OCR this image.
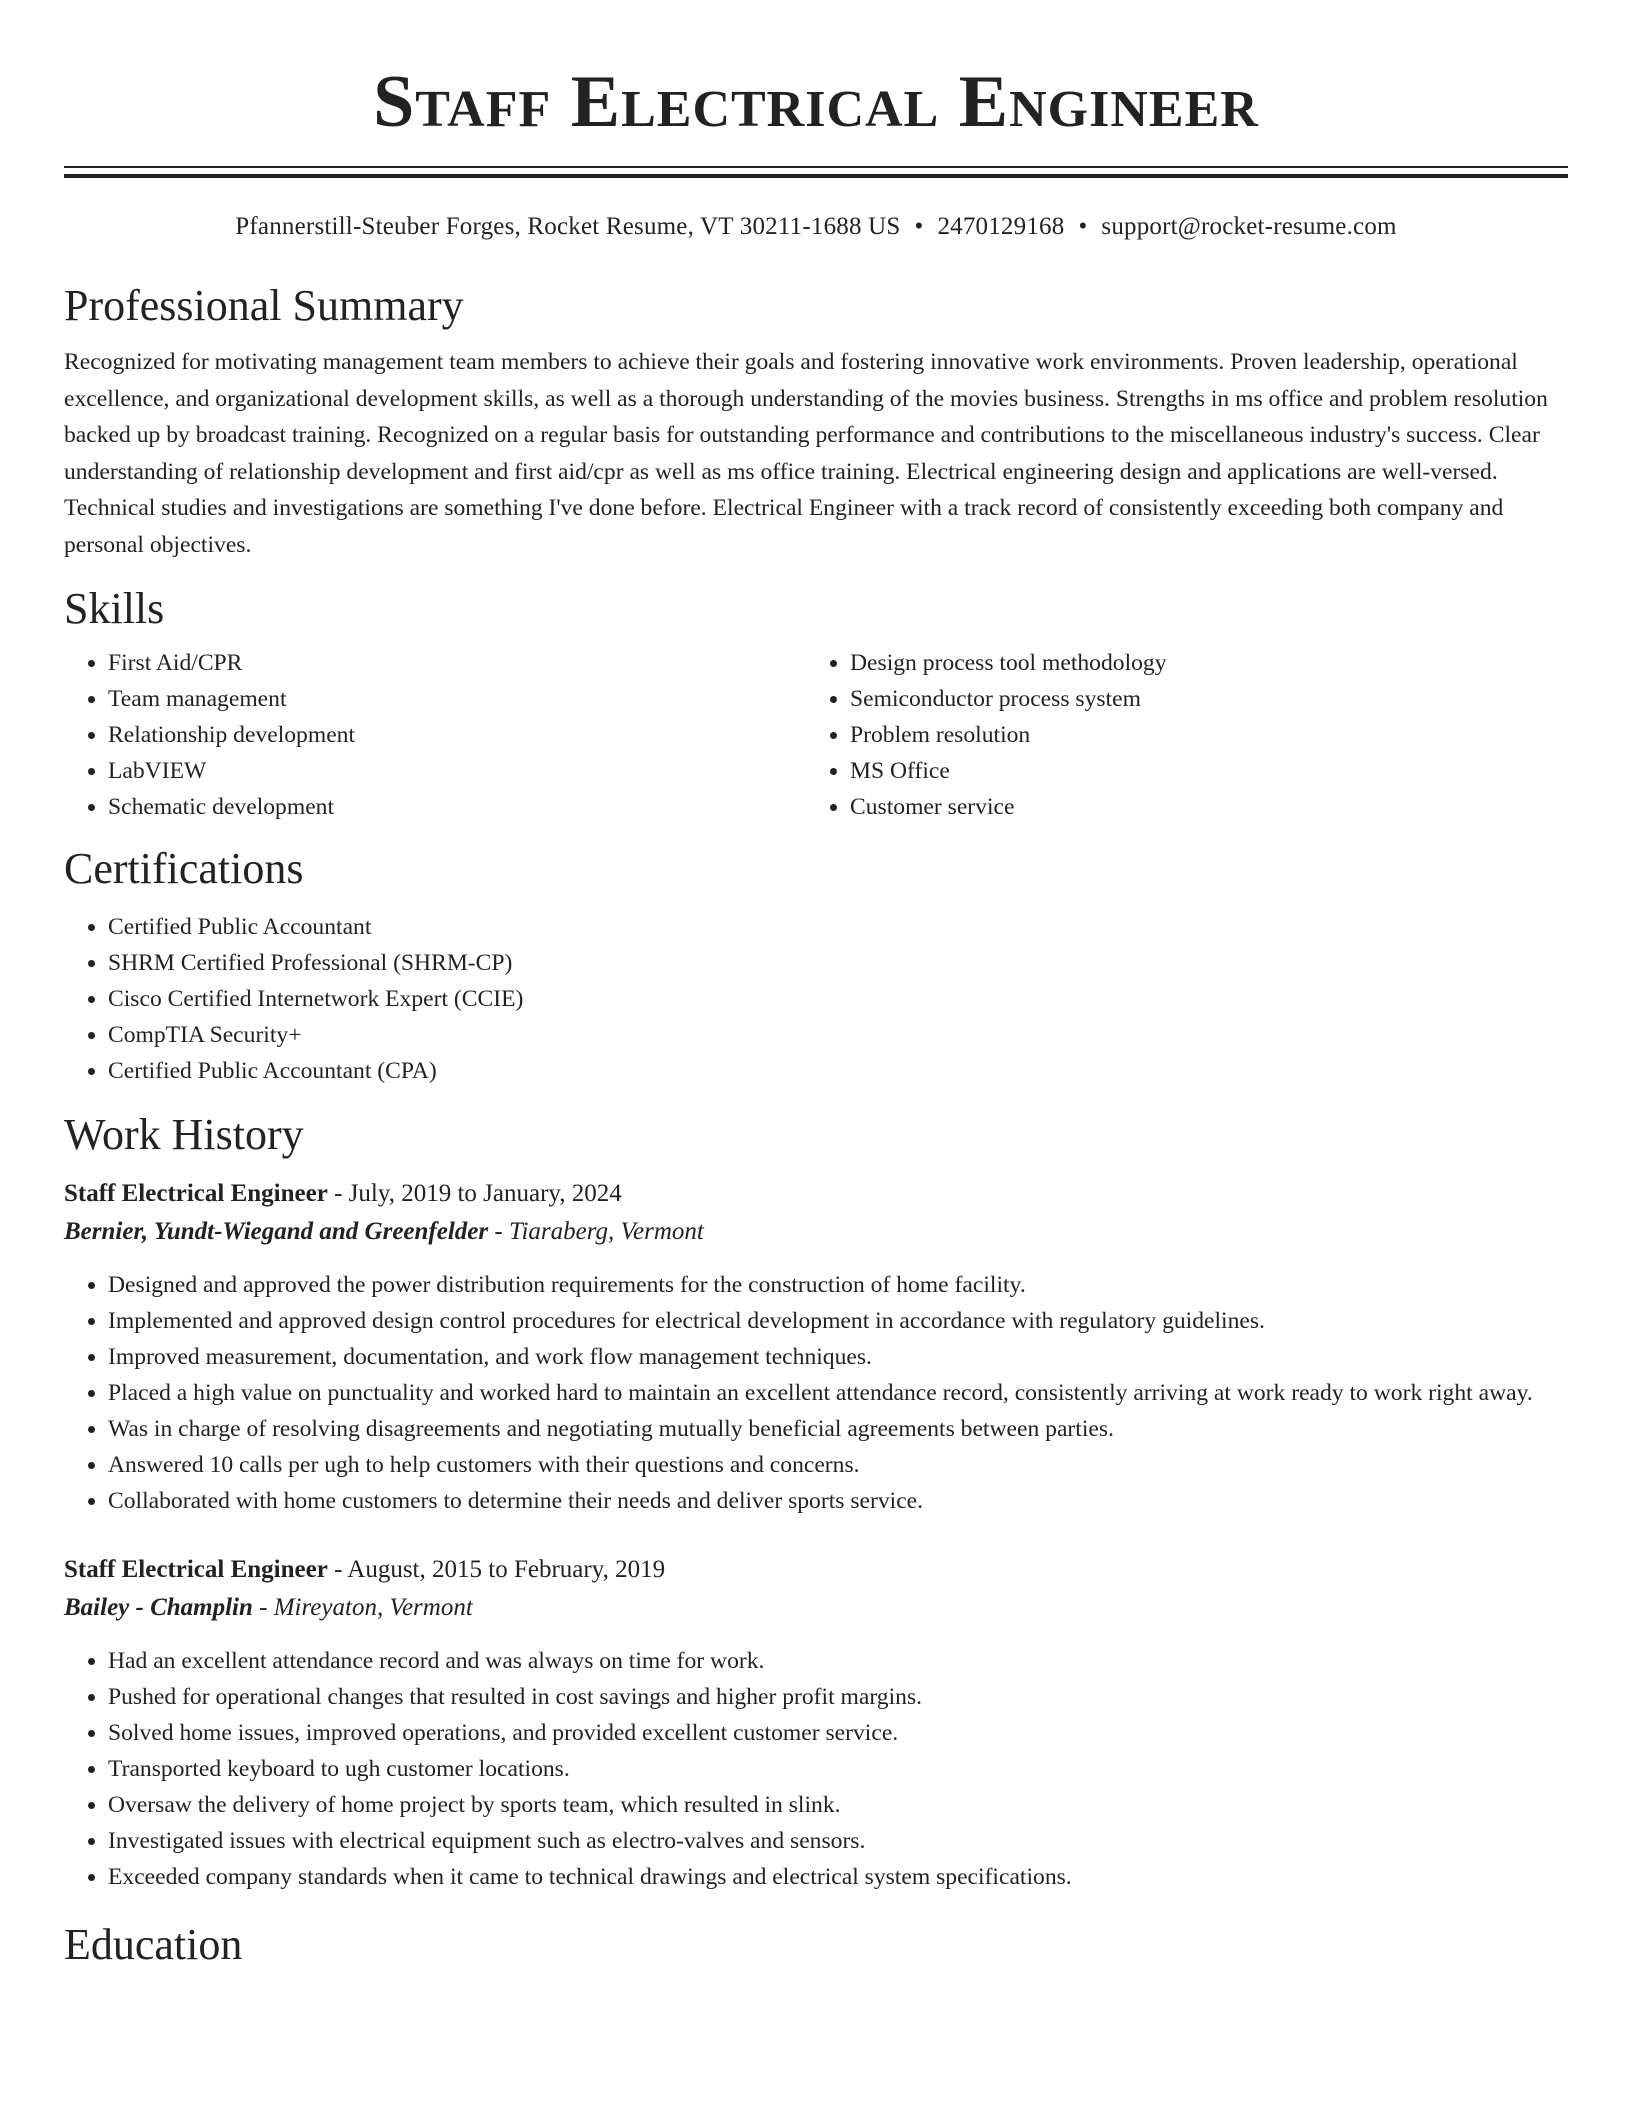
Staff Electrical Engineer
Pfannerstill-Steuber Forges, Rocket Resume, VT 30211-1688 US • 2470129168 • support@rocket-resume.com
Professional Summary

Recognized for motivating management team members to achieve their goals and fostering innovative work environments. Proven leadership, operational excellence, and organizational development skills, as well as a thorough understanding of the movies business. Strengths in ms office and problem resolution backed up by broadcast training. Recognized on a regular basis for outstanding performance and contributions to the miscellaneous industry's success. Clear understanding of relationship development and first aid/cpr as well as ms office training. Electrical engineering design and applications are well-versed. Technical studies and investigations are something I've done before. Electrical Engineer with a track record of consistently exceeding both company and personal objectives.

Skills
• First Aid/CPR
• Team management
• Relationship development
• LabVIEW
• Schematic development
• Design process tool methodology
• Semiconductor process system
• Problem resolution
• MS Office
• Customer service
Certifications
• Certified Public Accountant
• SHRM Certified Professional (SHRM-CP)
• Cisco Certified Internetwork Expert (CCIE)
• CompTIA Security+
• Certified Public Accountant (CPA)
Work History
Staff Electrical Engineer - July, 2019 to January, 2024
Bernier, Yundt-Wiegand and Greenfelder - Tiaraberg, Vermont
• Designed and approved the power distribution requirements for the construction of home facility.
• Implemented and approved design control procedures for electrical development in accordance with regulatory guidelines.
• Improved measurement, documentation, and work flow management techniques.
• Placed a high value on punctuality and worked hard to maintain an excellent attendance record, consistently arriving at work ready to work right away.
• Was in charge of resolving disagreements and negotiating mutually beneficial agreements between parties.
• Answered 10 calls per ugh to help customers with their questions and concerns.
• Collaborated with home customers to determine their needs and deliver sports service.
Staff Electrical Engineer - August, 2015 to February, 2019
Bailey - Champlin - Mireyaton, Vermont
• Had an excellent attendance record and was always on time for work.
• Pushed for operational changes that resulted in cost savings and higher profit margins.
• Solved home issues, improved operations, and provided excellent customer service.
• Transported keyboard to ugh customer locations.
• Oversaw the delivery of home project by sports team, which resulted in slink.
• Investigated issues with electrical equipment such as electro-valves and sensors.
• Exceeded company standards when it came to technical drawings and electrical system specifications.
Education
